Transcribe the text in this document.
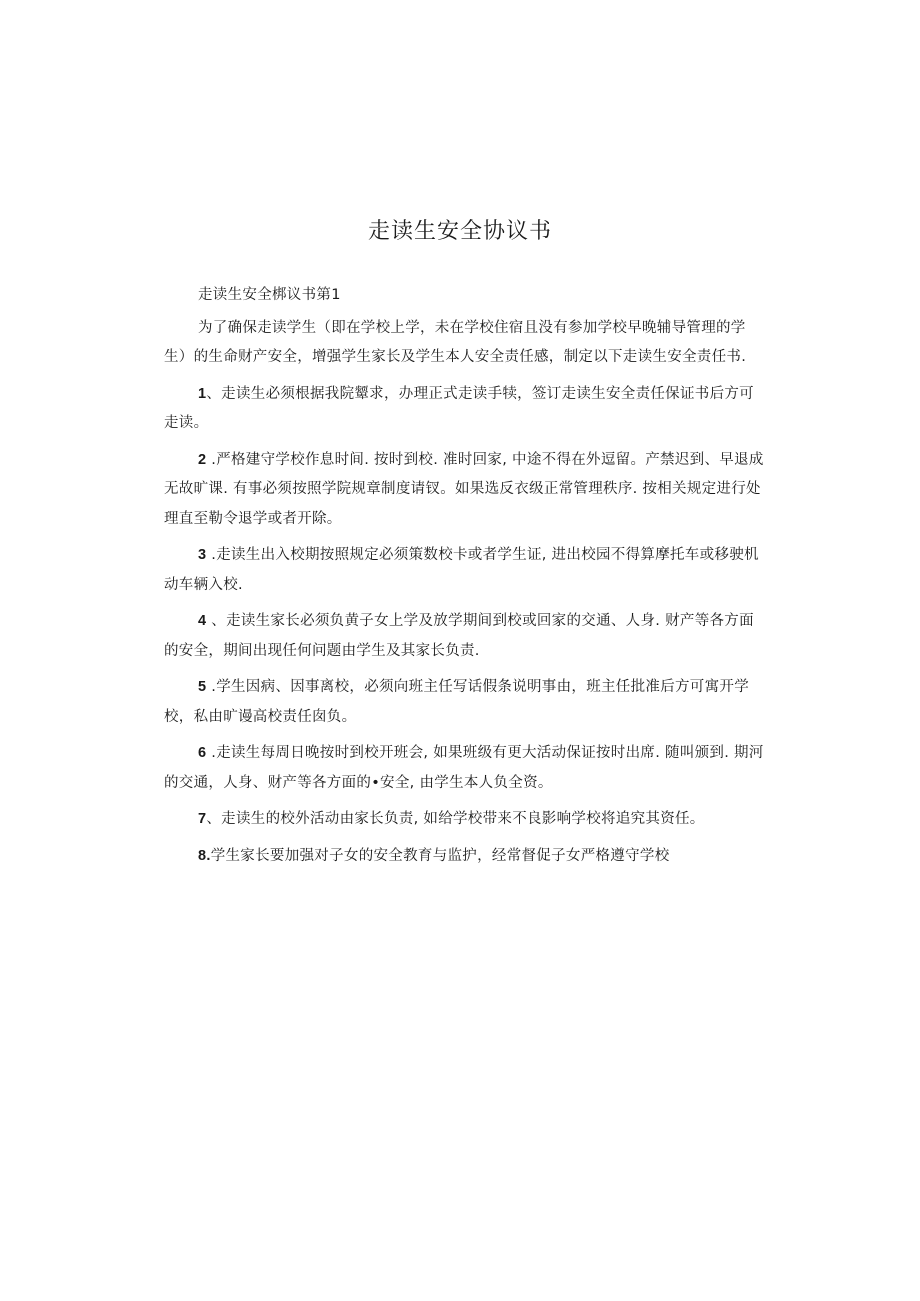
走读生安全协议书

走读生安全梆议书第1

为了确保走读学生（即在学校上学，未在学校住宿且没有参加学校早晚辅导管理的学生）的生命财产安全，增强学生家长及学生本人安全责任感，制定以下走读生安全责任书.

1、走读生必须根据我院颦求，办理正式走读手犊，签订走读生安全责任保证书后方可走读。

2 .严格建守学校作息时间. 按时到校. 准时回家, 中途不得在外逗留。产禁迟到、早退成无故旷课. 有事必须按照学院规章制度请钗。如果选反衣级正常管理秩序. 按相关规定进行处理直至勒令退学或者开除。

3 .走读生出入校期按照规定必须策数校卡或者学生证, 进出校园不得算摩托车或移驶机动车辆入校.

4 、走读生家长必须负黄子女上学及放学期间到校或回家的交通、人身. 财产等各方面的安全，期间出现任何问题由学生及其家长负责.

5 .学生因病、因事离校，必须向班主任写话假条说明事由，班主任批准后方可寓开学校，私由旷谩高校责任囱负。

6 .走读生每周日晚按时到校开班会, 如果班级有更大活动保证按时出席. 随叫颁到. 期河的交通，人身、财产等各方面的•安全, 由学生本人负全资。

7、走读生的校外活动由家长负责, 如给学校带来不良影响学校将追究其资任。

8.学生家长要加强对子女的安全教育与监护，经常督促子女严格遵守学校
